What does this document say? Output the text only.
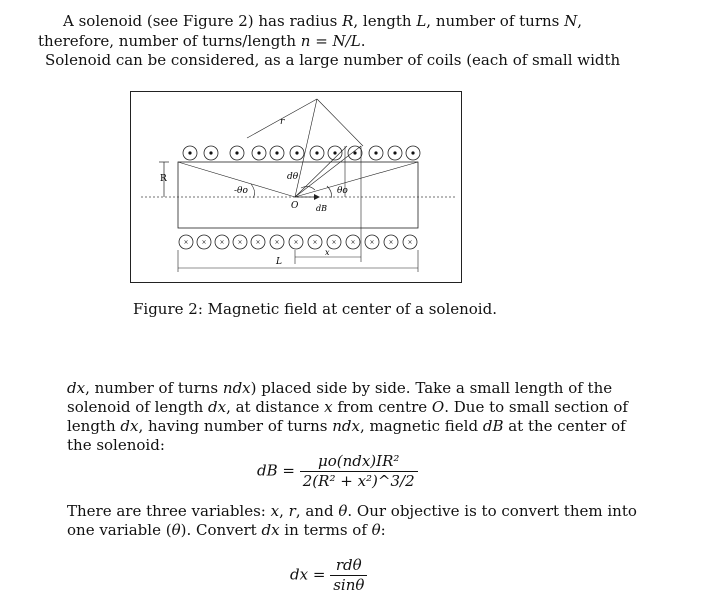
A solenoid (see Figure 2) has radius R, length L, number of turns N,
therefore, number of turns/length n = N/L.
Solenoid can be considered, as a large number of coils (each of small width
R
× × × × × × × × × × × × ×
r
dθ
-θo	θo
O dB
L
x
Figure 2: Magnetic field at center of a solenoid.
dx, number of turns ndx) placed side by side. Take a small length of the
solenoid of length dx, at distance x from centre O. Due to small section of
length dx, having number of turns ndx, magnetic field dB at the center of
the solenoid:
dB = $\frac{\text{μo(ndx)IR²}}{\text{2(R² + x²)\textasciicircum{}3/2}}$
There are three variables: x, r, and θ. Our objective is to convert them into
one variable (θ). Convert dx in terms of θ:
dx = $\frac{\text{rdθ}}{\sin\theta}$
